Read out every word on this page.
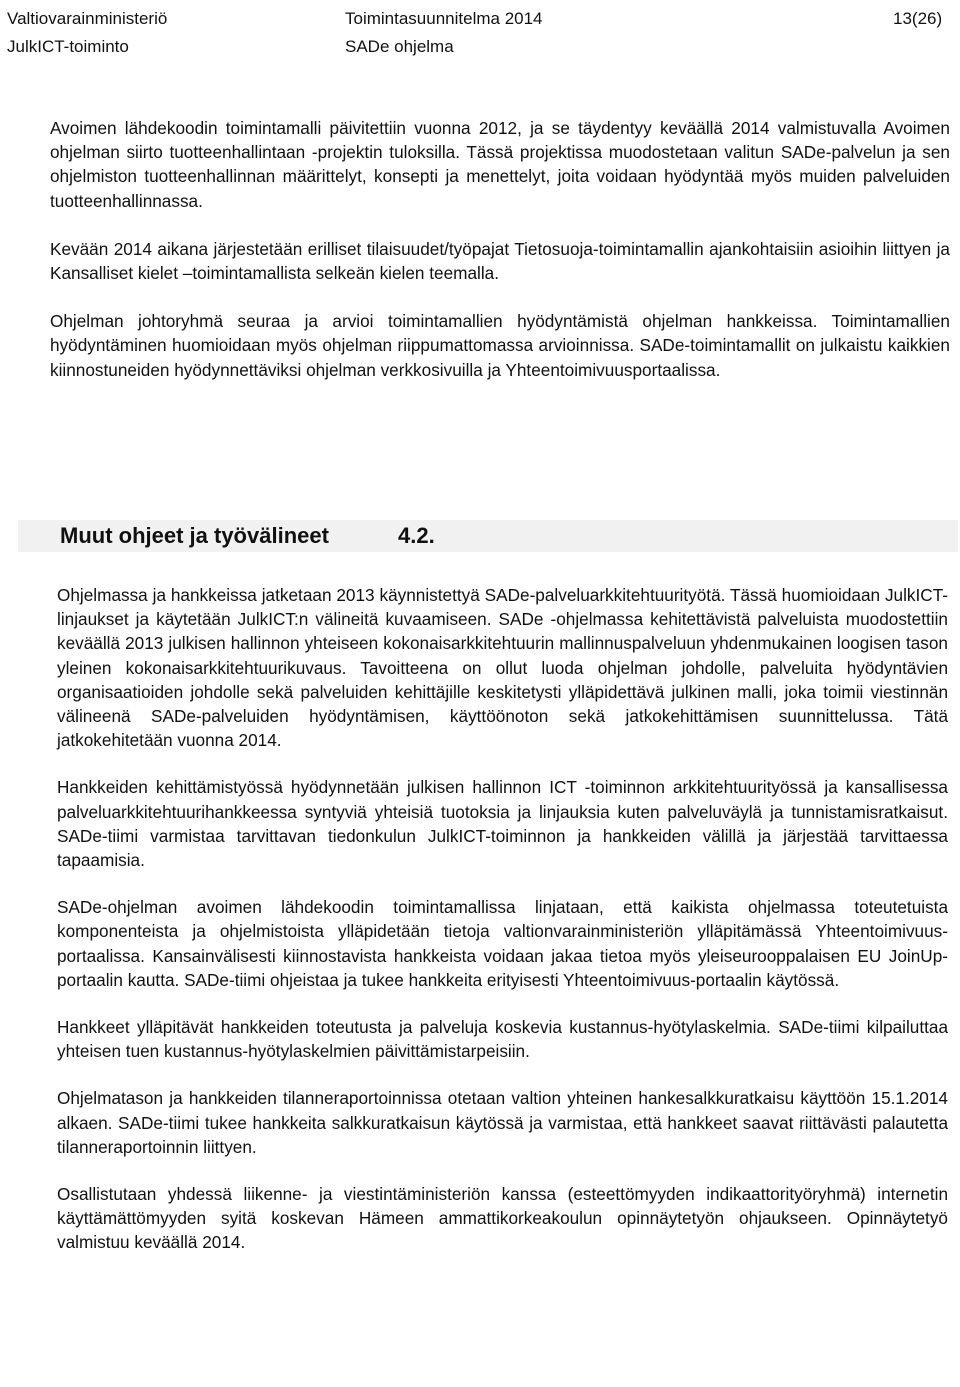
Valtiovarainministeriö	Toimintasuunnitelma 2014	13(26)
JulkICT-toiminto	SADe ohjelma

Avoimen lähdekoodin toimintamalli päivitettiin vuonna 2012, ja se täydentyy keväällä 2014 valmistuvalla Avoimen ohjelman siirto tuotteenhallintaan -projektin tuloksilla. Tässä projektissa muodostetaan valitun SADe-palvelun ja sen ohjelmiston tuotteenhallinnan määrittelyt, konsepti ja menettelyt, joita voidaan hyödyntää myös muiden palveluiden tuotteenhallinnassa.

Kevään 2014 aikana järjestetään erilliset tilaisuudet/työpajat Tietosuoja-toimintamallin ajankohtaisiin asioihin liittyen ja Kansalliset kielet –toimintamallista selkeän kielen teemalla.

Ohjelman johtoryhmä seuraa ja arvioi toimintamallien hyödyntämistä ohjelman hankkeissa. Toimintamallien hyödyntäminen huomioidaan myös ohjelman riippumattomassa arvioinnissa. SADe-toimintamallit on julkaistu kaikkien kiinnostuneiden hyödynnettäviksi ohjelman verkkosivuilla ja Yhteentoimivuusportaalissa.

4.2.
Muut ohjeet ja työvälineet

Ohjelmassa ja hankkeissa jatketaan 2013 käynnistettyä SADe-palveluarkkitehtuurityötä. Tässä huomioidaan JulkICT-linjaukset ja käytetään JulkICT:n välineitä kuvaamiseen. SADe -ohjelmassa kehitettävistä palveluista muodostettiin keväällä 2013 julkisen hallinnon yhteiseen kokonaisarkkitehtuurin mallinnuspalveluun yhdenmukainen loogisen tason yleinen kokonaisarkkitehtuurikuvaus. Tavoitteena on ollut luoda ohjelman johdolle, palveluita hyödyntävien organisaatioiden johdolle sekä palveluiden kehittäjille keskitetysti ylläpidettävä julkinen malli, joka toimii viestinnän välineenä SADe-palveluiden hyödyntämisen, käyttöönoton sekä jatkokehittämisen suunnittelussa. Tätä jatkokehitetään vuonna 2014.

Hankkeiden kehittämistyössä hyödynnetään julkisen hallinnon ICT -toiminnon arkkitehtuurityössä ja kansallisessa palveluarkkitehtuurihankkeessa syntyviä yhteisiä tuotoksia ja linjauksia kuten palveluväylä ja tunnistamisratkaisut. SADe-tiimi varmistaa tarvittavan tiedonkulun JulkICT-toiminnon ja hankkeiden välillä ja järjestää tarvittaessa tapaamisia.

SADe-ohjelman avoimen lähdekoodin toimintamallissa linjataan, että kaikista ohjelmassa toteutetuista komponenteista ja ohjelmistoista ylläpidetään tietoja valtionvarainministeriön ylläpitämässä Yhteentoimivuus-portaalissa. Kansainvälisesti kiinnostavista hankkeista voidaan jakaa tietoa myös yleiseurooppalaisen EU JoinUp-portaalin kautta. SADe-tiimi ohjeistaa ja tukee hankkeita erityisesti Yhteentoimivuus-portaalin käytössä.

Hankkeet ylläpitävät hankkeiden toteutusta ja palveluja koskevia kustannus-hyötylaskelmia. SADe-tiimi kilpailuttaa yhteisen tuen kustannus-hyötylaskelmien päivittämistarpeisiin.

Ohjelmatason ja hankkeiden tilanneraportoinnissa otetaan valtion yhteinen hankesalkkuratkaisu käyttöön 15.1.2014 alkaen. SADe-tiimi tukee hankkeita salkkuratkaisun käytössä ja varmistaa, että hankkeet saavat riittävästi palautetta tilanneraportoinnin liittyen.

Osallistutaan yhdessä liikenne- ja viestintäministeriön kanssa (esteettömyyden indikaattorityöryhmä) internetin käyttämättömyyden syitä koskevan Hämeen ammattikorkeakoulun opinnäytetyön ohjaukseen. Opinnäytetyö valmistuu keväällä 2014.
